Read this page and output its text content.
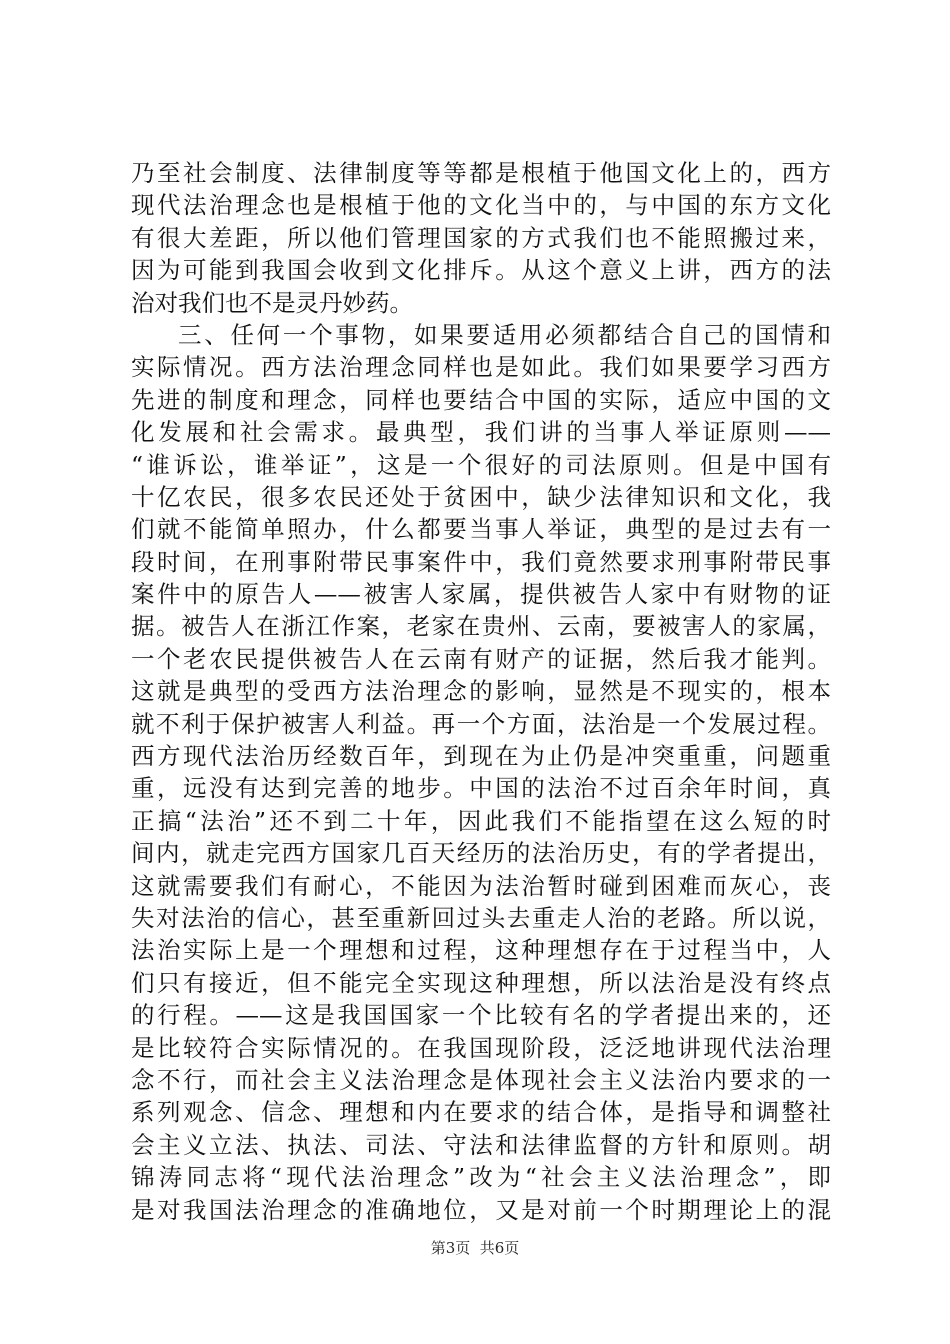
乃至社会制度、法律制度等等都是根植于他国文化上的，西方
现代法治理念也是根植于他的文化当中的，与中国的东方文化
有很大差距，所以他们管理国家的方式我们也不能照搬过来，
因为可能到我国会收到文化排斥。从这个意义上讲，西方的法
治对我们也不是灵丹妙药。
三、任何一个事物，如果要适用必须都结合自己的国情和
实际情况。西方法治理念同样也是如此。我们如果要学习西方
先进的制度和理念，同样也要结合中国的实际，适应中国的文
化发展和社会需求。最典型，我们讲的当事人举证原则——
“谁诉讼，谁举证”，这是一个很好的司法原则。但是中国有
十亿农民，很多农民还处于贫困中，缺少法律知识和文化，我
们就不能简单照办，什么都要当事人举证，典型的是过去有一
段时间，在刑事附带民事案件中，我们竟然要求刑事附带民事
案件中的原告人——被害人家属，提供被告人家中有财物的证
据。被告人在浙江作案，老家在贵州、云南，要被害人的家属，
一个老农民提供被告人在云南有财产的证据，然后我才能判。
这就是典型的受西方法治理念的影响，显然是不现实的，根本
就不利于保护被害人利益。再一个方面，法治是一个发展过程。
西方现代法治历经数百年，到现在为止仍是冲突重重，问题重
重，远没有达到完善的地步。中国的法治不过百余年时间，真
正搞“法治”还不到二十年，因此我们不能指望在这么短的时
间内，就走完西方国家几百天经历的法治历史，有的学者提出，
这就需要我们有耐心，不能因为法治暂时碰到困难而灰心，丧
失对法治的信心，甚至重新回过头去重走人治的老路。所以说，
法治实际上是一个理想和过程，这种理想存在于过程当中，人
们只有接近，但不能完全实现这种理想，所以法治是没有终点
的行程。——这是我国国家一个比较有名的学者提出来的，还
是比较符合实际情况的。在我国现阶段，泛泛地讲现代法治理
念不行，而社会主义法治理念是体现社会主义法治内要求的一
系列观念、信念、理想和内在要求的结合体，是指导和调整社
会主义立法、执法、司法、守法和法律监督的方针和原则。胡
锦涛同志将“现代法治理念”改为“社会主义法治理念”，即
是对我国法治理念的准确地位，又是对前一个时期理论上的混
第3页  共6页
